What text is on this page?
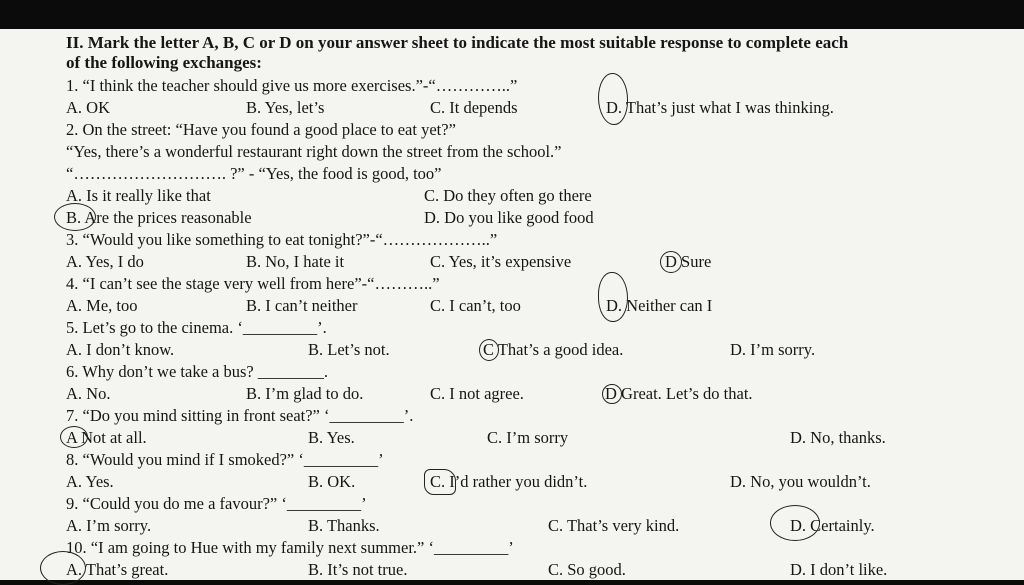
II. Mark the letter A, B, C or D on your answer sheet to indicate the most suitable response to complete each
of the following exchanges:
1. “I think the teacher should give us more exercises.”-“…………..”
A. OK	B. Yes, let’s	C. It depends	D. That’s just what I was thinking.
2. On the street: “Have you found a good place to eat yet?”
“Yes, there’s a wonderful restaurant right down the street from the school.”
“………………………. ?” - “Yes, the food is good, too”
A. Is it really like that	C. Do they often go there
B. Are the prices reasonable	D. Do you like good food
3. “Would you like something to eat tonight?”-“………………..”
A. Yes, I do	B. No, I hate it	C. Yes, it’s expensive	D Sure
4. “I can’t see the stage very well from here”-“………..”
A. Me, too	B. I can’t neither	C. I can’t, too	D. Neither can I
5. Let’s go to the cinema. ‘_________’.
A. I don’t know.	B. Let’s not.	C That’s a good idea.	D. I’m sorry.
6. Why don’t we take a bus? ________.
A. No.	B. I’m glad to do.	C. I not agree.	D Great. Let’s do that.
7. “Do you mind sitting in front seat?” ‘_________’.
A Not at all.	B. Yes.	C. I’m sorry	D. No, thanks.
8. “Would you mind if I smoked?” ‘_________’
A. Yes.	B. OK.	C. I’d rather you didn’t.	D. No, you wouldn’t.
9. “Could you do me a favour?” ‘_________’
A. I’m sorry.	B. Thanks.	C. That’s very kind.	D. Certainly.
10. “I am going to Hue with my family next summer.” ‘_________’
A. That’s great.	B. It’s not true.	C. So good.	D. I don’t like.
